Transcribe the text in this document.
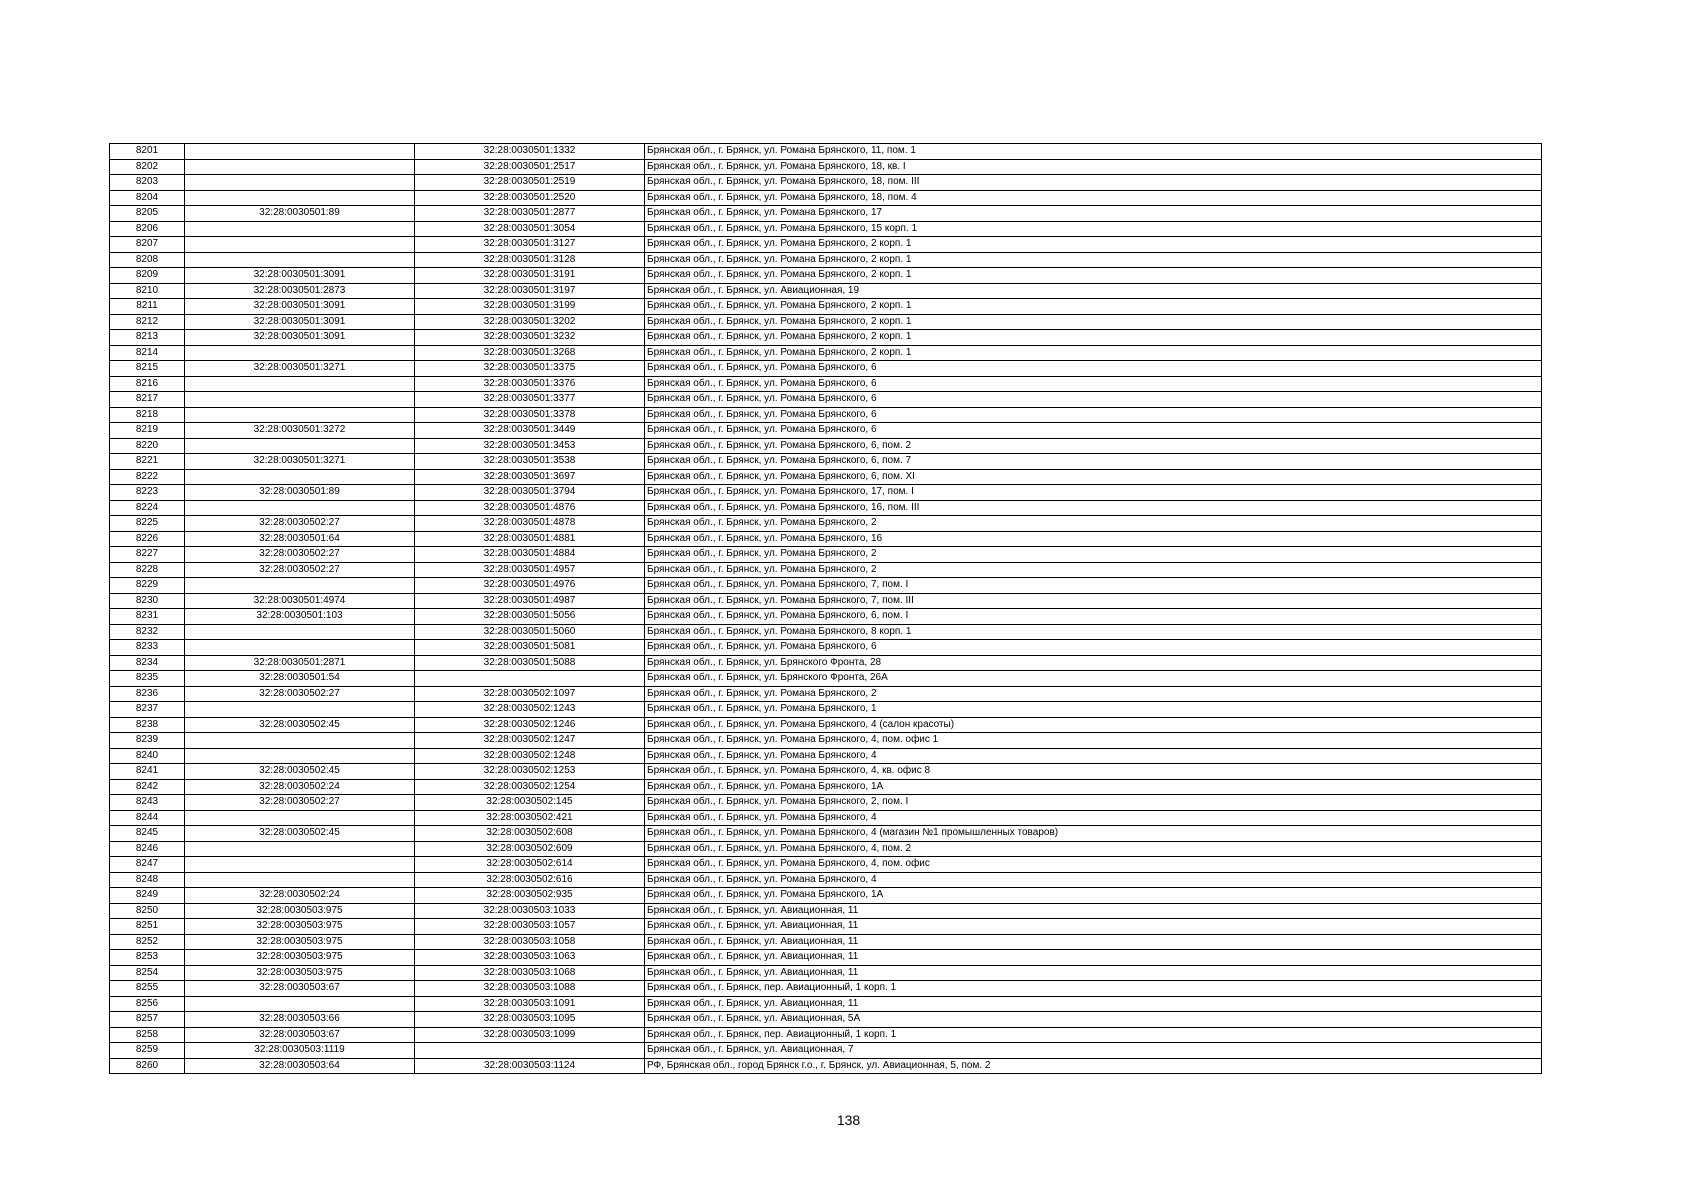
8201		32:28:0030501:1332	Брянская обл., г. Брянск, ул. Романа Брянского, 11, пом. 1
8202		32:28:0030501:2517	Брянская обл., г. Брянск, ул. Романа Брянского, 18, кв. I
8203		32:28:0030501:2519	Брянская обл., г. Брянск, ул. Романа Брянского, 18, пом. III
8204		32:28:0030501:2520	Брянская обл., г. Брянск, ул. Романа Брянского, 18, пом. 4
8205	32:28:0030501:89	32:28:0030501:2877	Брянская обл., г. Брянск, ул. Романа Брянского, 17
8206		32:28:0030501:3054	Брянская обл., г. Брянск, ул. Романа Брянского, 15 корп. 1
8207		32:28:0030501:3127	Брянская обл., г. Брянск, ул. Романа Брянского, 2 корп. 1
8208		32:28:0030501:3128	Брянская обл., г. Брянск, ул. Романа Брянского, 2 корп. 1
8209	32:28:0030501:3091	32:28:0030501:3191	Брянская обл., г. Брянск, ул. Романа Брянского, 2 корп. 1
8210	32:28:0030501:2873	32:28:0030501:3197	Брянская обл., г. Брянск, ул. Авиационная, 19
8211	32:28:0030501:3091	32:28:0030501:3199	Брянская обл., г. Брянск, ул. Романа Брянского, 2 корп. 1
8212	32:28:0030501:3091	32:28:0030501:3202	Брянская обл., г. Брянск, ул. Романа Брянского, 2 корп. 1
8213	32:28:0030501:3091	32:28:0030501:3232	Брянская обл., г. Брянск, ул. Романа Брянского, 2 корп. 1
8214		32:28:0030501:3268	Брянская обл., г. Брянск, ул. Романа Брянского, 2 корп. 1
8215	32:28:0030501:3271	32:28:0030501:3375	Брянская обл., г. Брянск, ул. Романа Брянского, 6
8216		32:28:0030501:3376	Брянская обл., г. Брянск, ул. Романа Брянского, 6
8217		32:28:0030501:3377	Брянская обл., г. Брянск, ул. Романа Брянского, 6
8218		32:28:0030501:3378	Брянская обл., г. Брянск, ул. Романа Брянского, 6
8219	32:28:0030501:3272	32:28:0030501:3449	Брянская обл., г. Брянск, ул. Романа Брянского, 6
8220		32:28:0030501:3453	Брянская обл., г. Брянск, ул. Романа Брянского, 6, пом. 2
8221	32:28:0030501:3271	32:28:0030501:3538	Брянская обл., г. Брянск, ул. Романа Брянского, 6, пом. 7
8222		32:28:0030501:3697	Брянская обл., г. Брянск, ул. Романа Брянского, 6, пом. XI
8223	32:28:0030501:89	32:28:0030501:3794	Брянская обл., г. Брянск, ул. Романа Брянского, 17, пом. I
8224		32:28:0030501:4876	Брянская обл., г. Брянск, ул. Романа Брянского, 16, пом. III
8225	32:28:0030502:27	32:28:0030501:4878	Брянская обл., г. Брянск, ул. Романа Брянского, 2
8226	32:28:0030501:64	32:28:0030501:4881	Брянская обл., г. Брянск, ул. Романа Брянского, 16
8227	32:28:0030502:27	32:28:0030501:4884	Брянская обл., г. Брянск, ул. Романа Брянского, 2
8228	32:28:0030502:27	32:28:0030501:4957	Брянская обл., г. Брянск, ул. Романа Брянского, 2
8229		32:28:0030501:4976	Брянская обл., г. Брянск, ул. Романа Брянского, 7, пом. I
8230	32:28:0030501:4974	32:28:0030501:4987	Брянская обл., г. Брянск, ул. Романа Брянского, 7, пом. III
8231	32:28:0030501:103	32:28:0030501:5056	Брянская обл., г. Брянск, ул. Романа Брянского, 6, пом. I
8232		32:28:0030501:5060	Брянская обл., г. Брянск, ул. Романа Брянского, 8 корп. 1
8233		32:28:0030501:5081	Брянская обл., г. Брянск, ул. Романа Брянского, 6
8234	32:28:0030501:2871	32:28:0030501:5088	Брянская обл., г. Брянск, ул. Брянского Фронта, 28
8235	32:28:0030501:54		Брянская обл., г. Брянск, ул. Брянского Фронта, 26А
8236	32:28:0030502:27	32:28:0030502:1097	Брянская обл., г. Брянск, ул. Романа Брянского, 2
8237		32:28:0030502:1243	Брянская обл., г. Брянск, ул. Романа Брянского, 1
8238	32:28:0030502:45	32:28:0030502:1246	Брянская обл., г. Брянск, ул. Романа Брянского, 4 (салон красоты)
8239		32:28:0030502:1247	Брянская обл., г. Брянск, ул. Романа Брянского, 4, пом. офис 1
8240		32:28:0030502:1248	Брянская обл., г. Брянск, ул. Романа Брянского, 4
8241	32:28:0030502:45	32:28:0030502:1253	Брянская обл., г. Брянск, ул. Романа Брянского, 4, кв. офис 8
8242	32:28:0030502:24	32:28:0030502:1254	Брянская обл., г. Брянск, ул. Романа Брянского, 1А
8243	32:28:0030502:27	32:28:0030502:145	Брянская обл., г. Брянск, ул. Романа Брянского, 2, пом. I
8244		32:28:0030502:421	Брянская обл., г. Брянск, ул. Романа Брянского, 4
8245	32:28:0030502:45	32:28:0030502:608	Брянская обл., г. Брянск, ул. Романа Брянского, 4 (магазин №1 промышленных товаров)
8246		32:28:0030502:609	Брянская обл., г. Брянск, ул. Романа Брянского, 4, пом. 2
8247		32:28:0030502:614	Брянская обл., г. Брянск, ул. Романа Брянского, 4, пом. офис
8248		32:28:0030502:616	Брянская обл., г. Брянск, ул. Романа Брянского, 4
8249	32:28:0030502:24	32:28:0030502:935	Брянская обл., г. Брянск, ул. Романа Брянского, 1А
8250	32:28:0030503:975	32:28:0030503:1033	Брянская обл., г. Брянск, ул. Авиационная, 11
8251	32:28:0030503:975	32:28:0030503:1057	Брянская обл., г. Брянск, ул. Авиационная, 11
8252	32:28:0030503:975	32:28:0030503:1058	Брянская обл., г. Брянск, ул. Авиационная, 11
8253	32:28:0030503:975	32:28:0030503:1063	Брянская обл., г. Брянск, ул. Авиационная, 11
8254	32:28:0030503:975	32:28:0030503:1068	Брянская обл., г. Брянск, ул. Авиационная, 11
8255	32:28:0030503:67	32:28:0030503:1088	Брянская обл., г. Брянск, пер. Авиационный, 1 корп. 1
8256		32:28:0030503:1091	Брянская обл., г. Брянск, ул. Авиационная, 11
8257	32:28:0030503:66	32:28:0030503:1095	Брянская обл., г. Брянск, ул. Авиационная, 5А
8258	32:28:0030503:67	32:28:0030503:1099	Брянская обл., г. Брянск, пер. Авиационный, 1 корп. 1
8259	32:28:0030503:1119		Брянская обл., г. Брянск, ул. Авиационная, 7
8260	32:28:0030503:64	32:28:0030503:1124	РФ, Брянская обл., город Брянск г.о., г. Брянск, ул. Авиационная, 5, пом. 2
138
